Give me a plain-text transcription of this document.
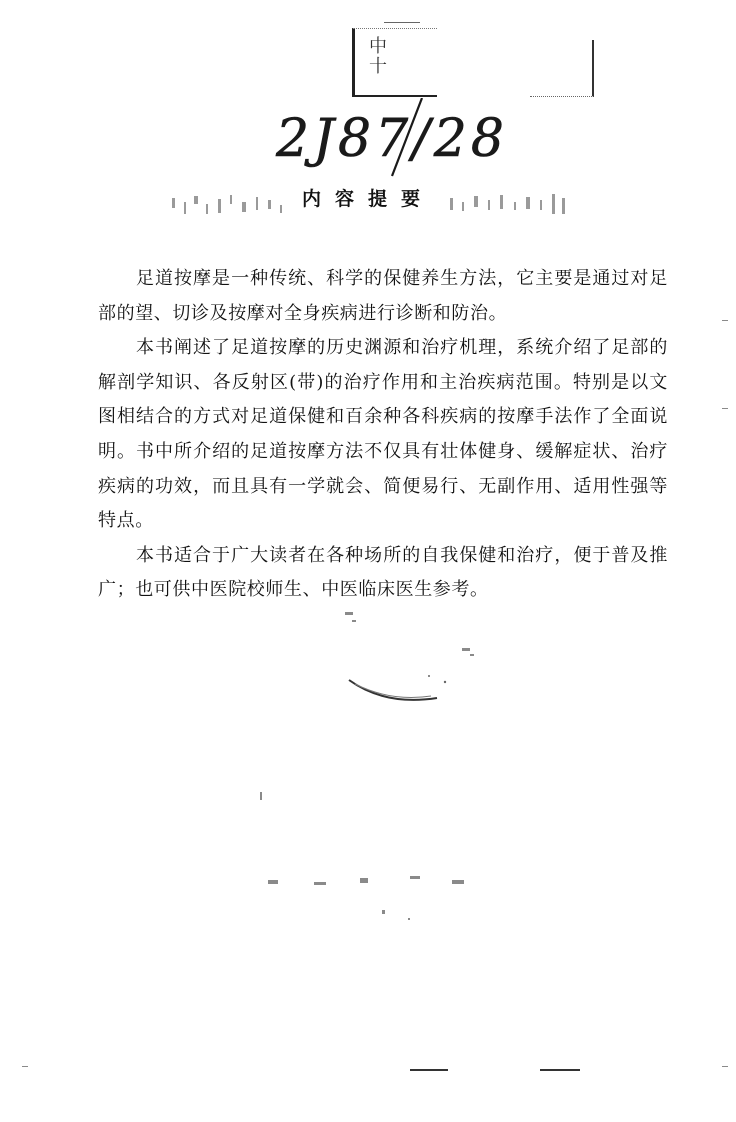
中
十
2J87/28
内容提要

足道按摩是一种传统、科学的保健养生方法，它主要是通过对足部的望、切诊及按摩对全身疾病进行诊断和防治。

本书阐述了足道按摩的历史渊源和治疗机理，系统介绍了足部的解剖学知识、各反射区(带)的治疗作用和主治疾病范围。特别是以文图相结合的方式对足道保健和百余种各科疾病的按摩手法作了全面说明。书中所介绍的足道按摩方法不仅具有壮体健身、缓解症状、治疗疾病的功效，而且具有一学就会、简便易行、无副作用、适用性强等特点。

本书适合于广大读者在各种场所的自我保健和治疗，便于普及推广；也可供中医院校师生、中医临床医生参考。
